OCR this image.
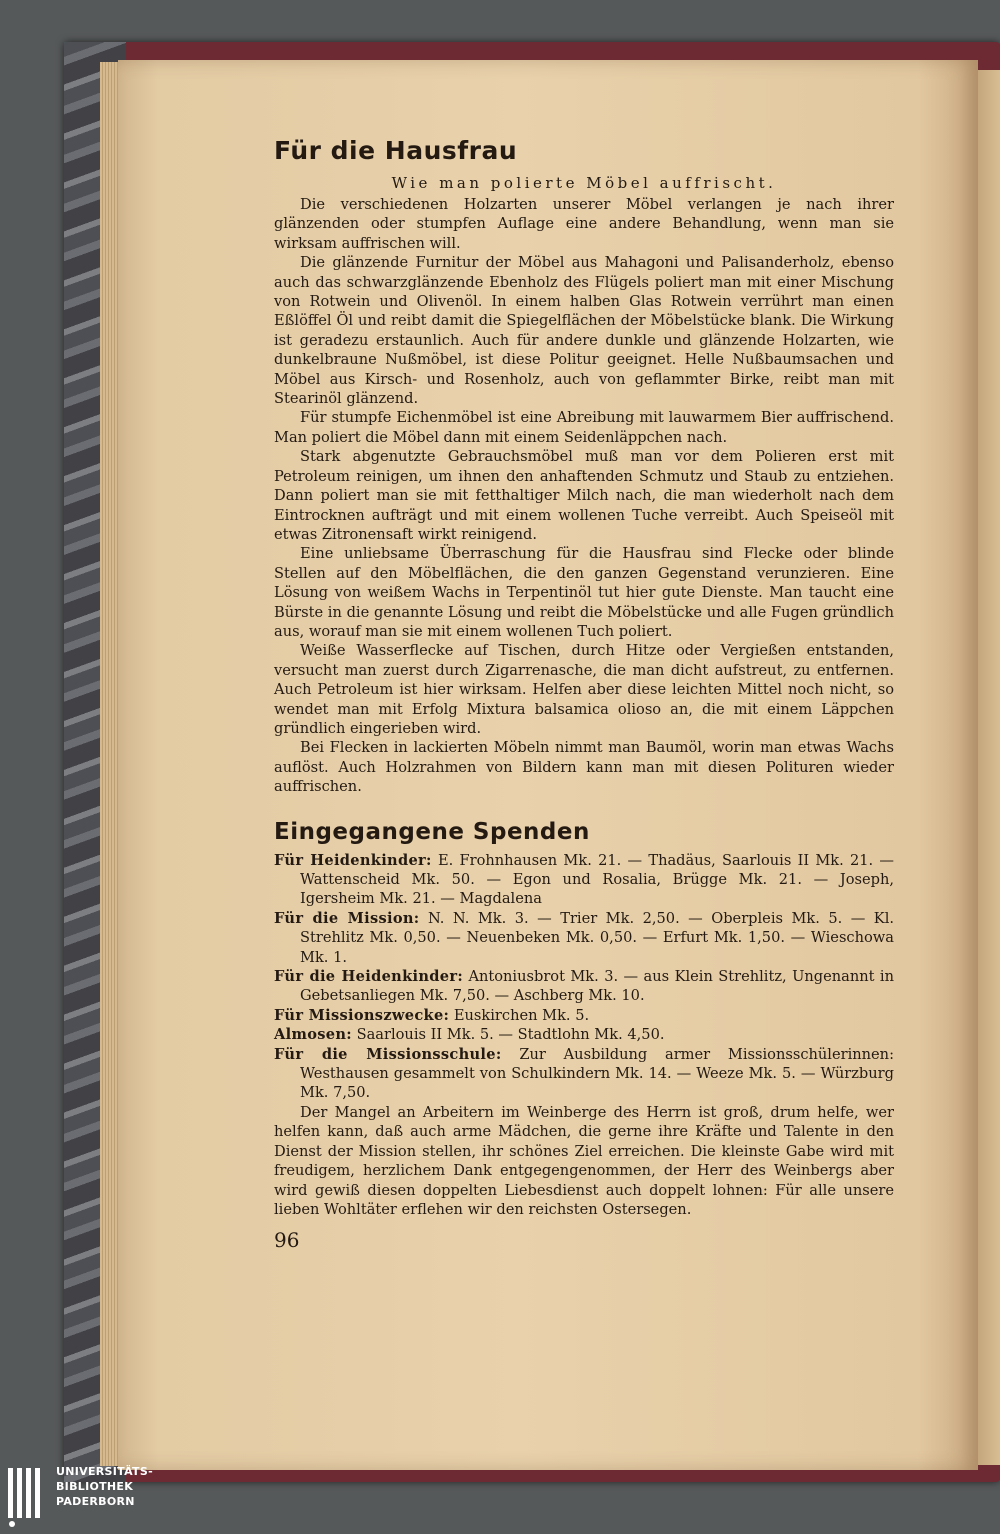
Für die Hausfrau
Wie man polierte Möbel auffrischt.

Die verschiedenen Holzarten unserer Möbel verlangen je nach ihrer glänzenden oder stumpfen Auflage eine andere Behandlung, wenn man sie wirksam auffrischen will.

Die glänzende Furnitur der Möbel aus Mahagoni und Palisanderholz, ebenso auch das schwarzglänzende Ebenholz des Flügels poliert man mit einer Mischung von Rotwein und Olivenöl. In einem halben Glas Rotwein verrührt man einen Eßlöffel Öl und reibt damit die Spiegelflächen der Möbelstücke blank. Die Wirkung ist geradezu erstaunlich. Auch für andere dunkle und glänzende Holzarten, wie dunkelbraune Nußmöbel, ist diese Politur geeignet. Helle Nußbaumsachen und Möbel aus Kirsch- und Rosenholz, auch von geflammter Birke, reibt man mit Stearinöl glänzend.

Für stumpfe Eichenmöbel ist eine Abreibung mit lauwarmem Bier auffrischend. Man poliert die Möbel dann mit einem Seidenläppchen nach.

Stark abgenutzte Gebrauchsmöbel muß man vor dem Polieren erst mit Petroleum reinigen, um ihnen den anhaftenden Schmutz und Staub zu entziehen. Dann poliert man sie mit fetthaltiger Milch nach, die man wiederholt nach dem Eintrocknen aufträgt und mit einem wollenen Tuche verreibt. Auch Speiseöl mit etwas Zitronensaft wirkt reinigend.

Eine unliebsame Überraschung für die Hausfrau sind Flecke oder blinde Stellen auf den Möbelflächen, die den ganzen Gegenstand verunzieren. Eine Lösung von weißem Wachs in Terpentinöl tut hier gute Dienste. Man taucht eine Bürste in die genannte Lösung und reibt die Möbelstücke und alle Fugen gründlich aus, worauf man sie mit einem wollenen Tuch poliert.

Weiße Wasserflecke auf Tischen, durch Hitze oder Vergießen entstanden, versucht man zuerst durch Zigarrenasche, die man dicht aufstreut, zu entfernen. Auch Petroleum ist hier wirksam. Helfen aber diese leichten Mittel noch nicht, so wendet man mit Erfolg Mixtura balsamica olioso an, die mit einem Läppchen gründlich eingerieben wird.

Bei Flecken in lackierten Möbeln nimmt man Baumöl, worin man etwas Wachs auflöst. Auch Holzrahmen von Bildern kann man mit diesen Polituren wieder auffrischen.

Eingegangene Spenden

Für Heidenkinder: E. Frohnhausen Mk. 21. — Thadäus, Saarlouis II Mk. 21. — Wattenscheid Mk. 50. — Egon und Rosalia, Brügge Mk. 21. — Joseph, Igersheim Mk. 21. — Magdalena

Für die Mission: N. N. Mk. 3. — Trier Mk. 2,50. — Oberpleis Mk. 5. — Kl. Strehlitz Mk. 0,50. — Neuenbeken Mk. 0,50. — Erfurt Mk. 1,50. — Wieschowa Mk. 1.

Für die Heidenkinder: Antoniusbrot Mk. 3. — aus Klein Strehlitz, Ungenannt in Gebetsanliegen Mk. 7,50. — Aschberg Mk. 10.

Für Missionszwecke: Euskirchen Mk. 5.

Almosen: Saarlouis II Mk. 5. — Stadtlohn Mk. 4,50.

Für die Missionsschule: Zur Ausbildung armer Missionsschülerinnen: Westhausen gesammelt von Schulkindern Mk. 14. — Weeze Mk. 5. — Würzburg Mk. 7,50.

Der Mangel an Arbeitern im Weinberge des Herrn ist groß, drum helfe, wer helfen kann, daß auch arme Mädchen, die gerne ihre Kräfte und Talente in den Dienst der Mission stellen, ihr schönes Ziel erreichen. Die kleinste Gabe wird mit freudigem, herzlichem Dank entgegengenommen, der Herr des Weinbergs aber wird gewiß diesen doppelten Liebesdienst auch doppelt lohnen: Für alle unsere lieben Wohltäter erflehen wir den reichsten Ostersegen.

96
UNIVERSITÄTS-
BIBLIOTHEK
PADERBORN
